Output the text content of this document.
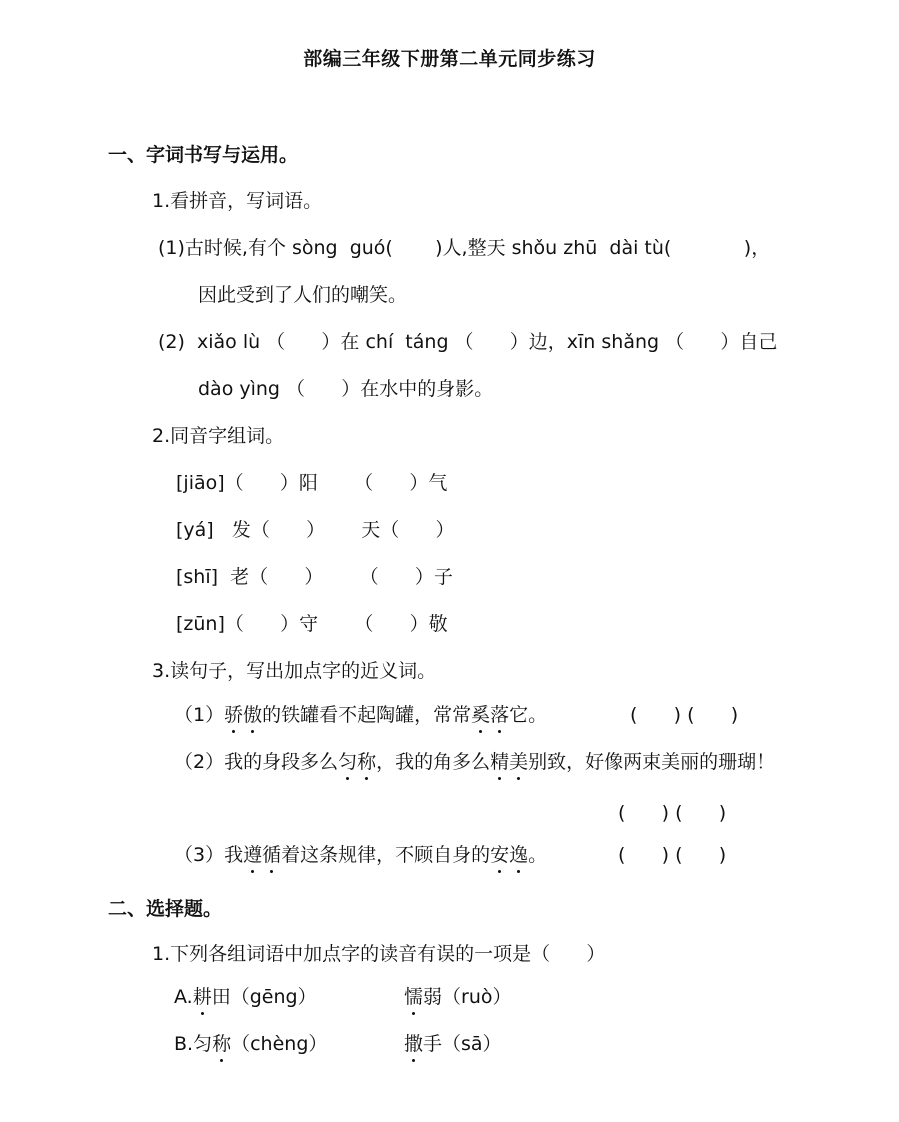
部编三年级下册第二单元同步练习
一、字词书写与运用。
1.看拼音，写词语。
(1)古时候,有个 sòng  guó(       )人,整天 shǒu zhū  dài tù(            )，
因此受到了人们的嘲笑。
(2)  xiǎo lù （      ）在 chí  táng （      ）边，xīn shǎng （      ）自己
dào yìng （      ）在水中的身影。
2.同音字组词。
[jiāo]（      ）阳      （      ）气
[yá]   发（      ）      天（      ）
[shī]  老（      ）      （      ）子
[zūn]（      ）守      （      ）敬
3.读句子，写出加点字的近义词。
（1）骄傲的铁罐看不起陶罐，常常奚落它。	(      ) (      )
（2）我的身段多么匀称，我的角多么精美别致，好像两束美丽的珊瑚！
(      ) (      )
（3）我遵循着这条规律，不顾自身的安逸。	(      ) (      )
二、选择题。
1.下列各组词语中加点字的读音有误的一项是（      ）
A.耕田（gēng）	懦弱（ruò）
B.匀称（chèng）	撒手（sā）
